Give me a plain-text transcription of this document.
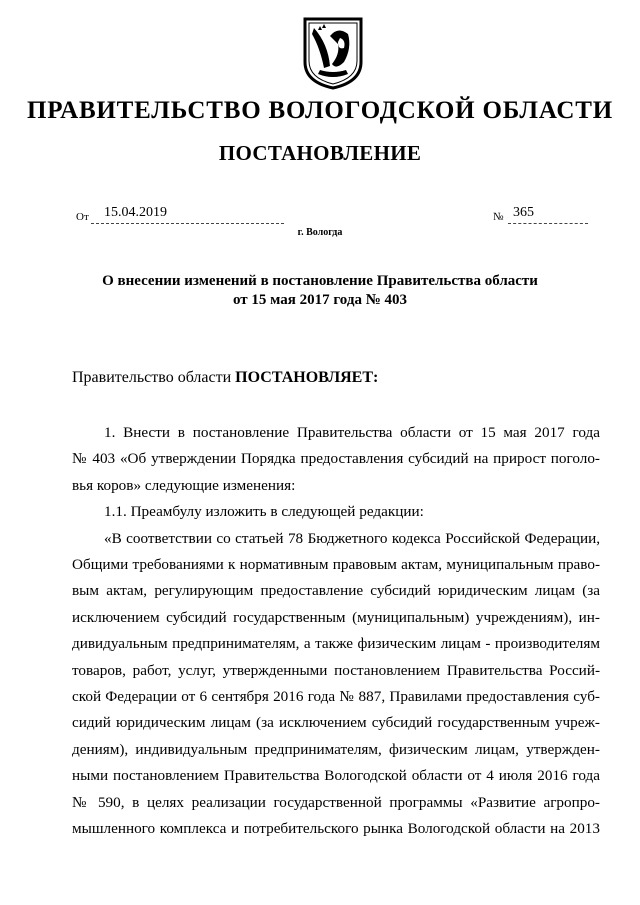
ПРАВИТЕЛЬСТВО ВОЛОГОДСКОЙ ОБЛАСТИ
ПОСТАНОВЛЕНИЕ
От 15.04.2019	№ 365
г. Вологда
О внесении изменений в постановление Правительства области
от 15 мая 2017 года № 403
Правительство области ПОСТАНОВЛЯЕТ:
1. Внести в постановление Правительства области от 15 мая 2017 года
№ 403 «Об утверждении Порядка предоставления субсидий на прирост поголо-
вья коров» следующие изменения:
1.1. Преамбулу изложить в следующей редакции:
«В соответствии со статьей 78 Бюджетного кодекса Российской Федерации,
Общими требованиями к нормативным правовым актам, муниципальным право-
вым актам, регулирующим предоставление субсидий юридическим лицам (за
исключением субсидий государственным (муниципальным) учреждениям), ин-
дивидуальным предпринимателям, а также физическим лицам - производителям
товаров, работ, услуг, утвержденными постановлением Правительства Россий-
ской Федерации от 6 сентября 2016 года № 887, Правилами предоставления суб-
сидий юридическим лицам (за исключением субсидий государственным учреж-
дениям), индивидуальным предпринимателям, физическим лицам, утвержден-
ными постановлением Правительства Вологодской области от 4 июля 2016 года
№ 590, в целях реализации государственной программы «Развитие агропро-
мышленного комплекса и потребительского рынка Вологодской области на 2013
